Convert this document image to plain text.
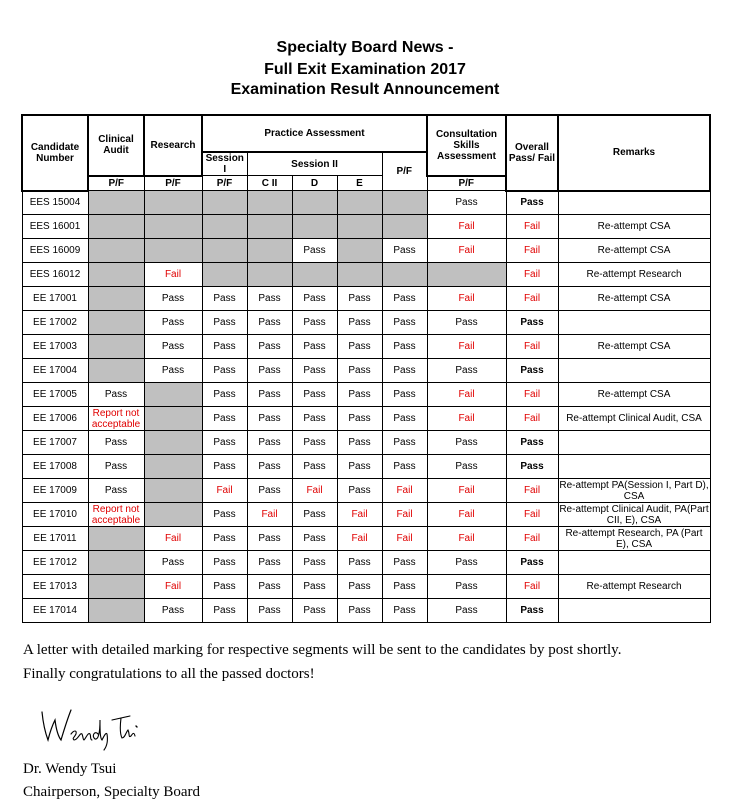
Specialty Board News -
Full Exit Examination 2017
Examination Result Announcement
Candidate Number	Clinical Audit	Research	Practice Assessment					Consultation Skills Assessment	Overall Pass/ Fail	Remarks
			Session I	Session II			P/F			
	P/F	P/F	P/F	C II	D	E		P/F		
EES 15004								Pass	Pass	
EES 16001								Fail	Fail	Re-attempt CSA
EES 16009					Pass		Pass	Fail	Fail	Re-attempt CSA
EES 16012		Fail							Fail	Re-attempt Research
EE 17001		Pass	Pass	Pass	Pass	Pass	Pass	Fail	Fail	Re-attempt CSA
EE 17002		Pass	Pass	Pass	Pass	Pass	Pass	Pass	Pass	
EE 17003		Pass	Pass	Pass	Pass	Pass	Pass	Fail	Fail	Re-attempt CSA
EE 17004		Pass	Pass	Pass	Pass	Pass	Pass	Pass	Pass	
EE 17005	Pass		Pass	Pass	Pass	Pass	Pass	Fail	Fail	Re-attempt CSA
EE 17006	Report not acceptable		Pass	Pass	Pass	Pass	Pass	Fail	Fail	Re-attempt Clinical Audit, CSA
EE 17007	Pass		Pass	Pass	Pass	Pass	Pass	Pass	Pass	
EE 17008	Pass		Pass	Pass	Pass	Pass	Pass	Pass	Pass	
EE 17009	Pass		Fail	Pass	Fail	Pass	Fail	Fail	Fail	Re-attempt PA(Session I, Part D), CSA
EE 17010	Report not acceptable		Pass	Fail	Pass	Fail	Fail	Fail	Fail	Re-attempt Clinical Audit, PA(Part CII, E), CSA
EE 17011		Fail	Pass	Pass	Pass	Fail	Fail	Fail	Fail	Re-attempt Research, PA (Part E), CSA
EE 17012		Pass	Pass	Pass	Pass	Pass	Pass	Pass	Pass	
EE 17013		Fail	Pass	Pass	Pass	Pass	Pass	Pass	Fail	Re-attempt Research
EE 17014		Pass	Pass	Pass	Pass	Pass	Pass	Pass	Pass	
A letter with detailed marking for respective segments will be sent to the candidates by post shortly.
Finally congratulations to all the passed doctors!
Dr. Wendy Tsui
Chairperson, Specialty Board
